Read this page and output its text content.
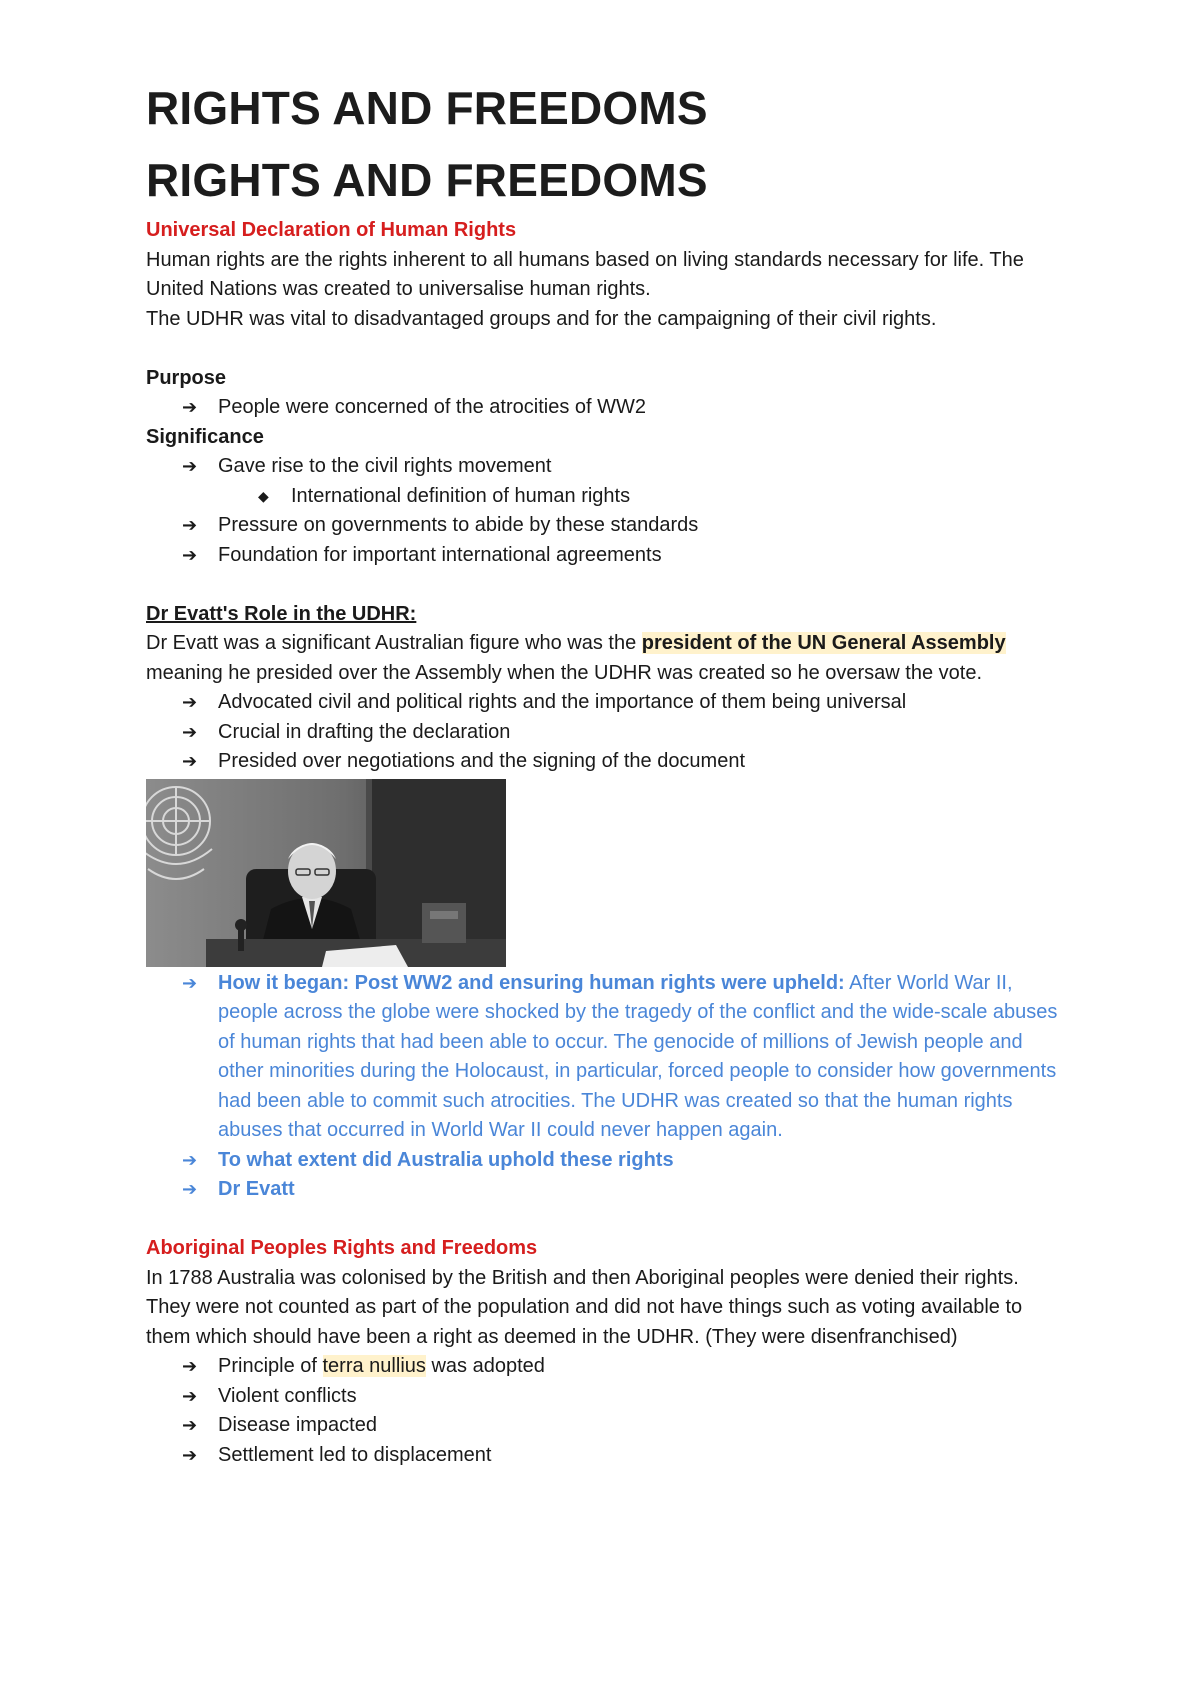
RIGHTS AND FREEDOMS
RIGHTS AND FREEDOMS

Universal Declaration of Human Rights

Human rights are the rights inherent to all humans based on living standards necessary for life. The United Nations was created to universalise human rights.

The UDHR was vital to disadvantaged groups and for the campaigning of their civil rights.

Purpose

➔	People were concerned of the atrocities of WW2

Significance

➔	Gave rise to the civil rights movement
◆	International definition of human rights
➔	Pressure on governments to abide by these standards
➔	Foundation for important international agreements

Dr Evatt's Role in the UDHR:

Dr Evatt was a significant Australian figure who was the president of the UN General Assembly meaning he presided over the Assembly when the UDHR was created so he oversaw the vote.

➔	Advocated civil and political rights and the importance of them being universal
➔	Crucial in drafting the declaration
➔	Presided over negotiations and the signing of the document
➔	How it began: Post WW2 and ensuring human rights were upheld: After World War II, people across the globe were shocked by the tragedy of the conflict and the wide-scale abuses of human rights that had been able to occur. The genocide of millions of Jewish people and other minorities during the Holocaust, in particular, forced people to consider how governments had been able to commit such atrocities. The UDHR was created so that the human rights abuses that occurred in World War II could never happen again.
➔	To what extent did Australia uphold these rights
➔	Dr Evatt

Aboriginal Peoples Rights and Freedoms

In 1788 Australia was colonised by the British and then Aboriginal peoples were denied their rights. They were not counted as part of the population and did not have things such as voting available to them which should have been a right as deemed in the UDHR. (They were disenfranchised)

➔	Principle of terra nullius was adopted
➔	Violent conflicts
➔	Disease impacted
➔	Settlement led to displacement
